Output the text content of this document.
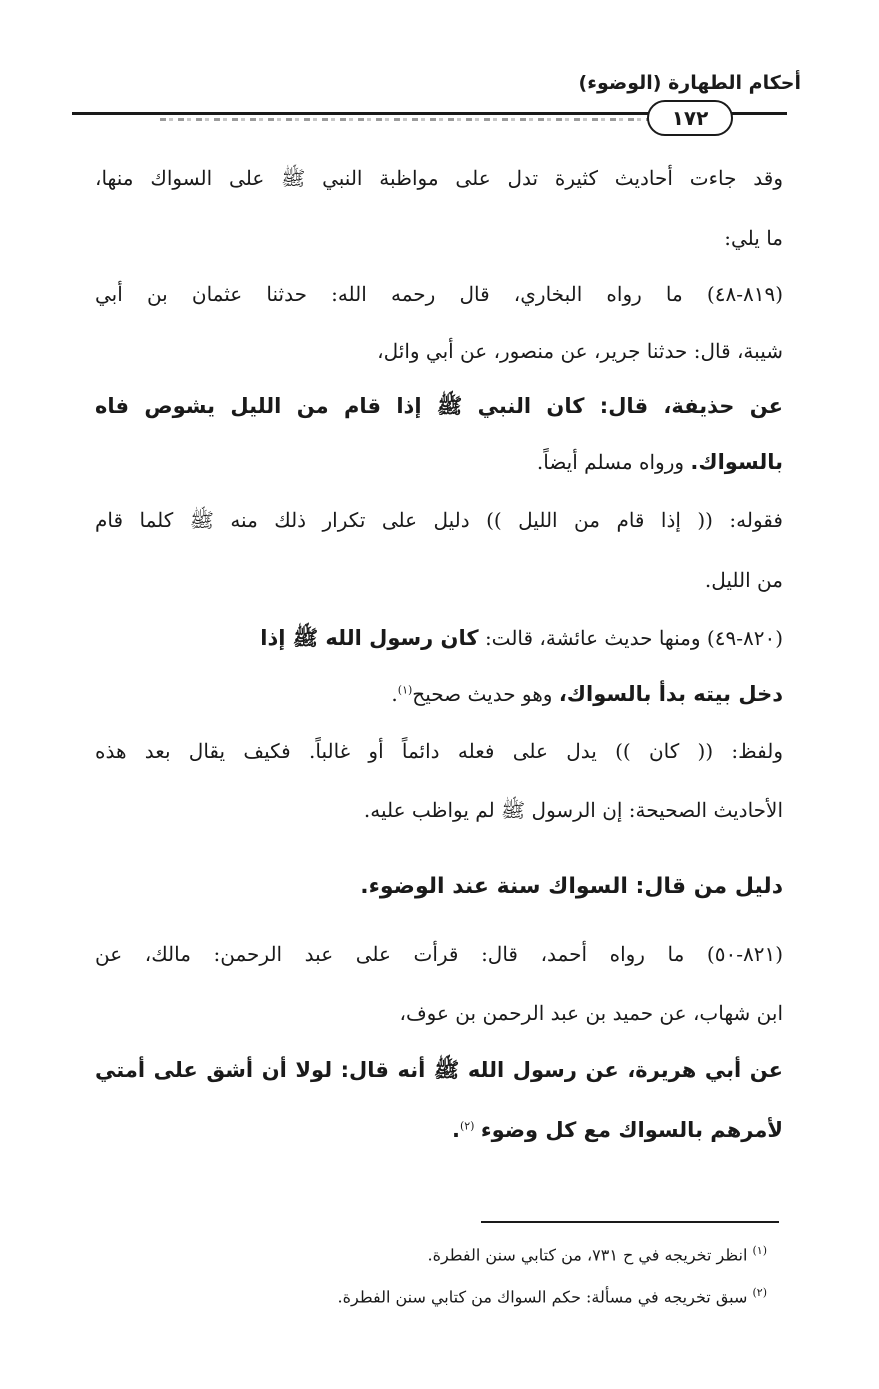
أحكام الطهارة (الوضوء)
١٧٢
وقد جاءت أحاديث كثيرة تدل على مواظبة النبي ﷺ على السواك منها،
ما يلي:
(٨١٩-٤٨) ما رواه البخاري، قال رحمه الله: حدثنا عثمان بن أبي
شيبة، قال: حدثنا جرير، عن منصور، عن أبي وائل،
عن حذيفة، قال: كان النبي ﷺ إذا قام من الليل يشوص فاه
بالسواك. ورواه مسلم أيضاً.
فقوله: (( إذا قام من الليل )) دليل على تكرار ذلك منه ﷺ كلما قام
من الليل.
(٨٢٠-٤٩) ومنها حديث عائشة، قالت: كان رسول الله ﷺ إذا
دخل بيته بدأ بالسواك، وهو حديث صحيح$^{(١)}$.
ولفظ: (( كان )) يدل على فعله دائماً أو غالباً. فكيف يقال بعد هذه
الأحاديث الصحيحة: إن الرسول ﷺ لم يواظب عليه.
(٨٢١-٥٠) ما رواه أحمد، قال: قرأت على عبد الرحمن: مالك، عن
ابن شهاب، عن حميد بن عبد الرحمن بن عوف،
عن أبي هريرة، عن رسول الله ﷺ أنه قال: لولا أن أشق على أمتي
لأمرهم بالسواك مع كل وضوء $^{(٢)}$.
دليل من قال: السواك سنة عند الوضوء.
$^{(١)}$ انظر تخريجه في ح ٧٣١، من كتابي سنن الفطرة.
$^{(٢)}$ سبق تخريجه في مسألة: حكم السواك من كتابي سنن الفطرة.
